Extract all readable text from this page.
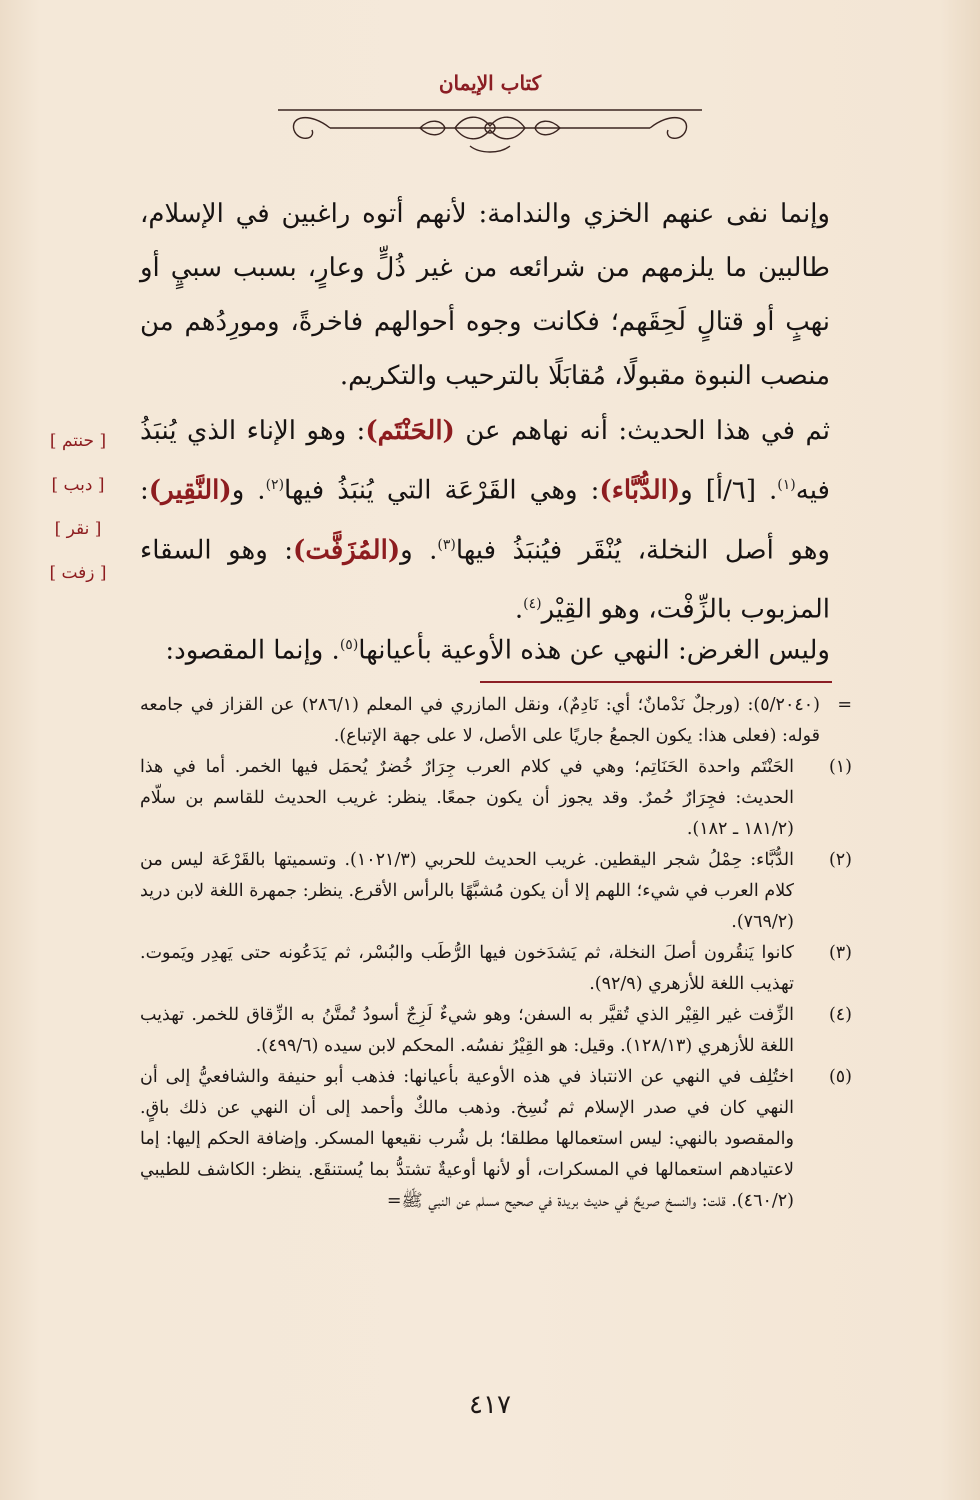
كتاب الإيمان

وإنما نفى عنهم الخزي والندامة: لأنهم أتوه راغبين في الإسلام، طالبين ما يلزمهم من شرائعه من غير ذُلٍّ وعارٍ، بسبب سبيٍ أو نهبٍ أو قتالٍ لَحِقَهم؛ فكانت وجوه أحوالهم فاخرةً، ومورِدُهم من منصب النبوة مقبولًا، مُقابَلًا بالترحيب والتكريم.

ثم في هذا الحديث: أنه نهاهم عن (الحَنْتَم): وهو الإناء الذي يُنبَذُ فيه$^{(١)}$. [٦/أ] و(الدُّبَّاء): وهي القَرْعَة التي يُنبَذُ فيها$^{(٢)}$. و(النَّقِير): وهو أصل النخلة، يُنْقَر فيُنبَذُ فيها$^{(٣)}$. و(المُزَفَّت): وهو السقاء المزبوب بالزِّفْت، وهو القِيْر$^{(٤)}$.

وليس الغرض: النهي عن هذه الأوعية بأعيانها$^{(٥)}$. وإنما المقصود:

[ حنتم ]
[ دبب ]
[ نقر ]
[ زفت ]

=
(٥/٢٠٤٠): (ورجلٌ نَدْمانٌ؛ أي: نَادِمٌ)، ونقل المازري في المعلم (٢٨٦/١) عن القزاز في جامعه قوله: (فعلى هذا: يكون الجمعُ جاريًا على الأصل، لا على جهة الإتباع).

(١)
الحَنْتَم واحدة الحَنَاتِم؛ وهي في كلام العرب جِرَارٌ خُضرٌ يُحمَل فيها الخمر. أما في هذا الحديث: فجِرَارٌ حُمرٌ. وقد يجوز أن يكون جمعًا. ينظر: غريب الحديث للقاسم بن سلّام (١٨١/٢ ـ ١٨٢).

(٢)
الدُّبَّاء: حِمْلُ شجر اليقطين. غريب الحديث للحربي (١٠٢١/٣). وتسميتها بالقَرْعَة ليس من كلام العرب في شيء؛ اللهم إلا أن يكون مُشبَّهًا بالرأس الأقرع. ينظر: جمهرة اللغة لابن دريد (٧٦٩/٢).

(٣)
كانوا يَنقُرون أصلَ النخلة، ثم يَشدَخون فيها الرُّطَب والبُسْر، ثم يَدَعُونه حتى يَهدِر ويَموت. تهذيب اللغة للأزهري (٩٢/٩).

(٤)
الزِّفت غير القِيْر الذي تُقيَّر به السفن؛ وهو شيءٌ لَزِجٌ أسودُ تُمتَّنُ به الزِّقاق للخمر. تهذيب اللغة للأزهري (١٢٨/١٣). وقيل: هو القِيْرُ نفسُه. المحكم لابن سيده (٤٩٩/٦).

(٥)
اختُلِف في النهي عن الانتباذ في هذه الأوعية بأعيانها: فذهب أبو حنيفة والشافعيُّ إلى أن النهي كان في صدر الإسلام ثم نُسِخ. وذهب مالكٌ وأحمد إلى أن النهي عن ذلك باقٍ. والمقصود بالنهي: ليس استعمالها مطلقا؛ بل شُرب نقيعها المسكر. وإضافة الحكم إليها: إما لاعتيادهم استعمالها في المسكرات، أو لأنها أوعيةٌ تشتدُّ بما يُستنقَع. ينظر: الكاشف للطيبي (٤٦٠/٢). قلت: والنسخ صريحٌ في حديث بريدة في صحيح مسلم عن النبي ﷺ=

٤١٧
